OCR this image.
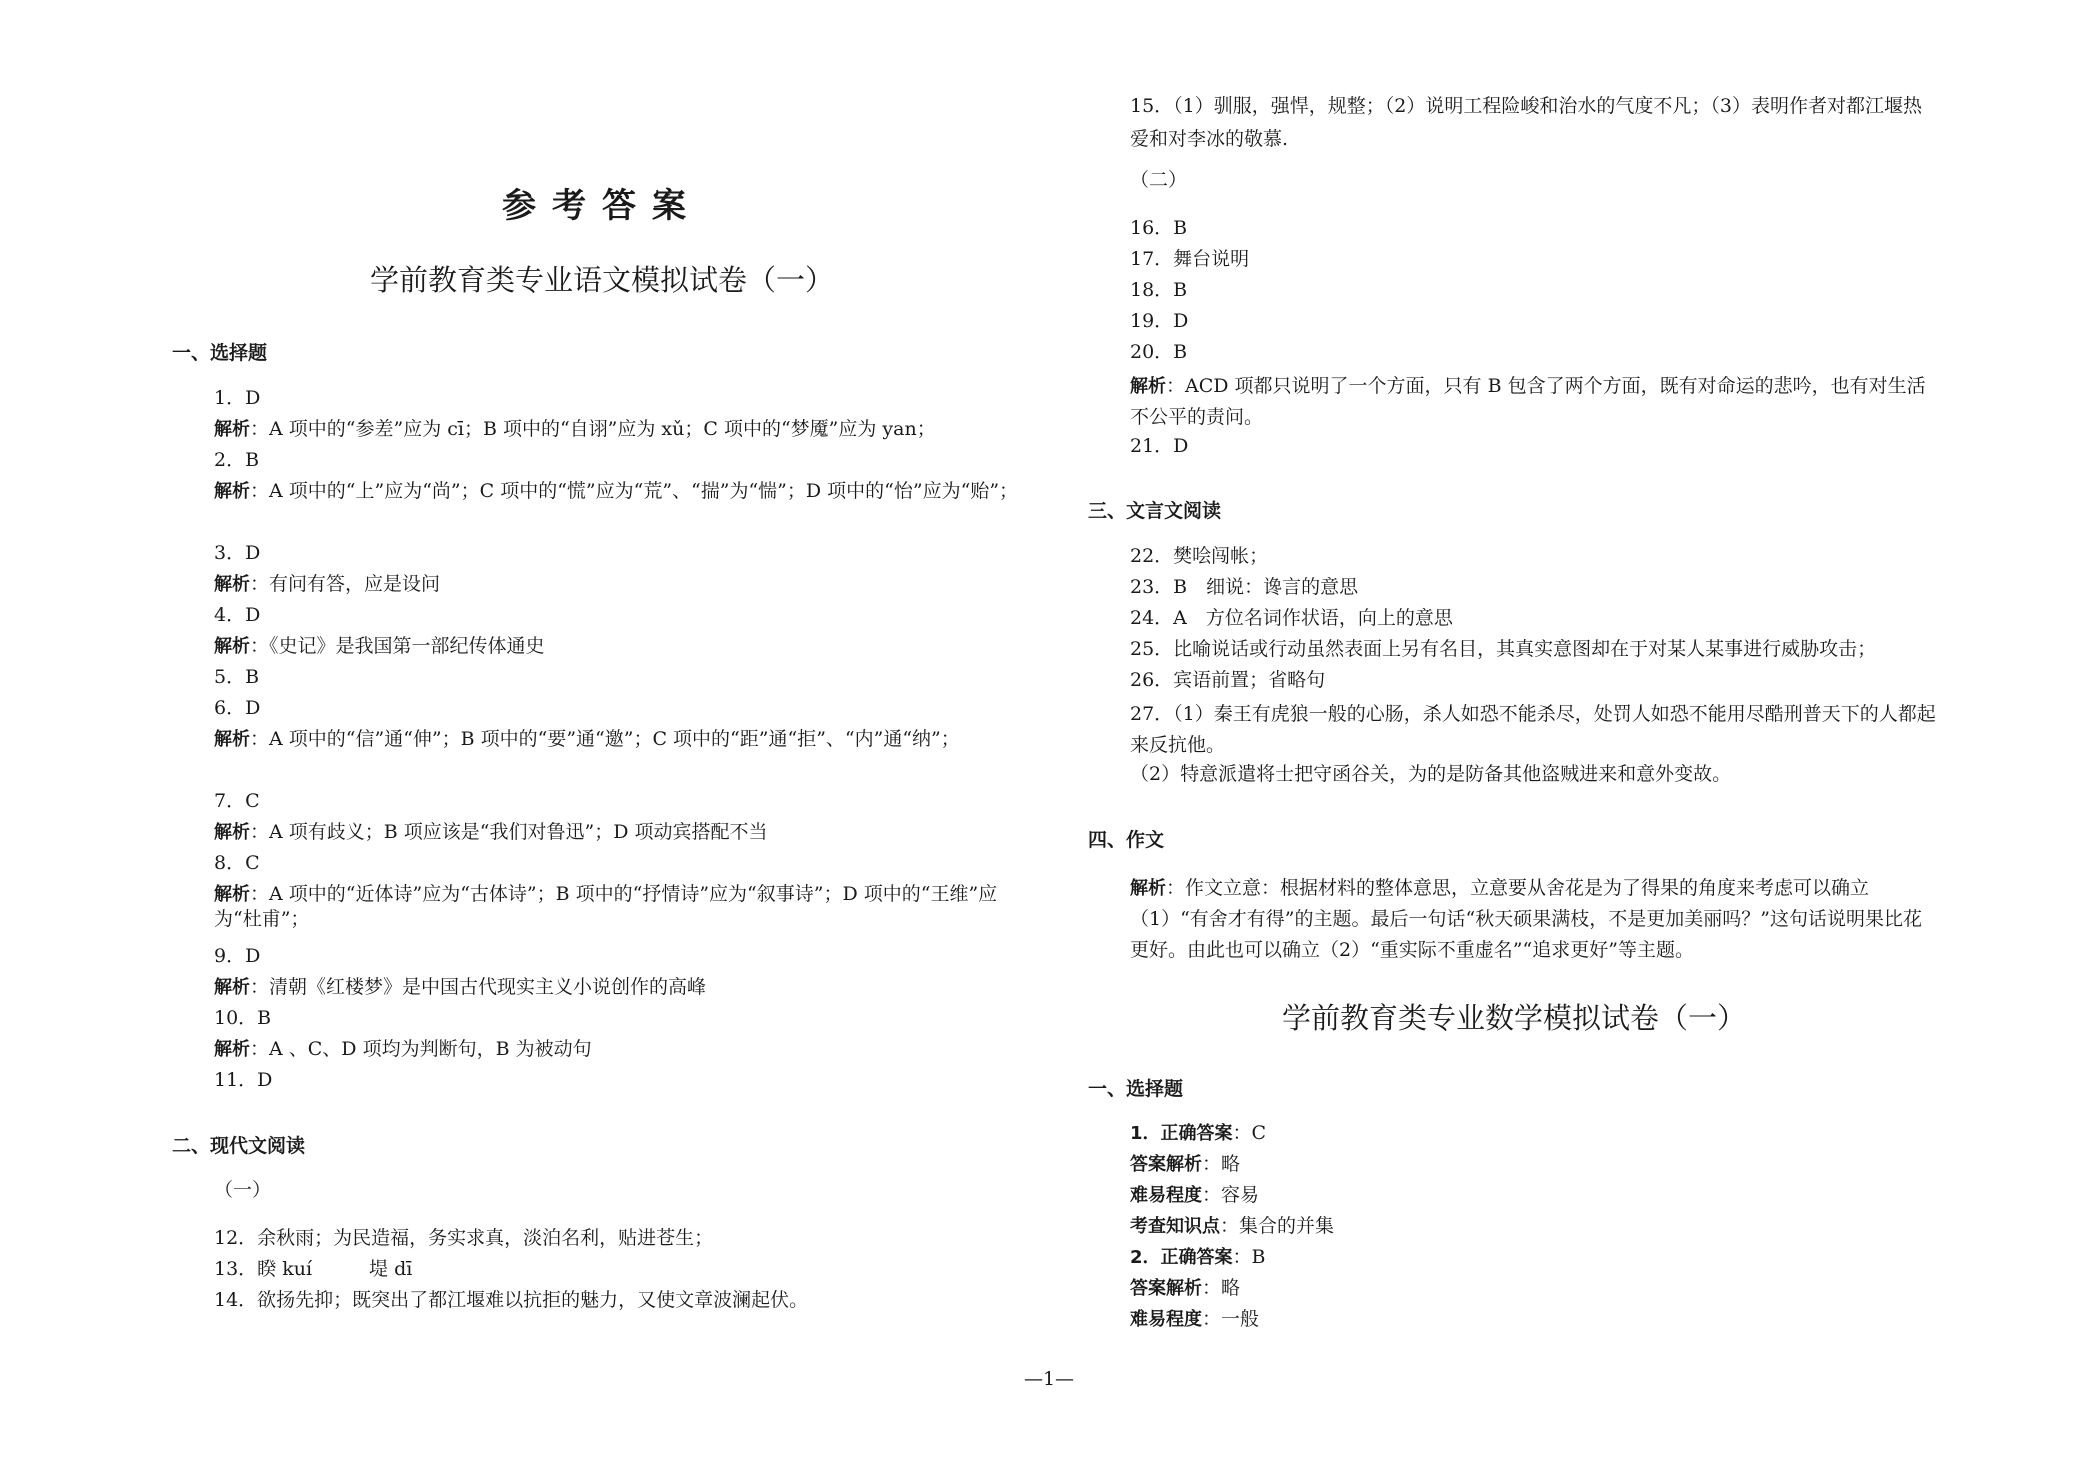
参考答案
学前教育类专业语文模拟试卷（一）
一、选择题
1．D
解析：A 项中的“参差”应为 cī；B 项中的“自诩”应为 xǔ；C 项中的“梦魇”应为 yan；
2．B
解析：A 项中的“上”应为“尚”；C 项中的“慌”应为“荒”、“揣”为“惴”；D 项中的“怡”应为“贻”；
3．D
解析：有问有答，应是设问
4．D
解析：《史记》是我国第一部纪传体通史
5．B
6．D
解析：A 项中的“信”通“伸”；B 项中的“要”通“邀”；C 项中的“距”通“拒”、“内”通“纳”；
7．C
解析：A 项有歧义；B 项应该是“我们对鲁迅”；D 项动宾搭配不当
8．C
解析：A 项中的“近体诗”应为“古体诗”；B 项中的“抒情诗”应为“叙事诗”；D 项中的“王维”应为“杜甫”；
9．D
解析：清朝《红楼梦》是中国古代现实主义小说创作的高峰
10．B
解析：A 、C、D 项均为判断句，B 为被动句
11．D
二、现代文阅读
（一）
12．余秋雨；为民造福，务实求真，淡泊名利，贴进苍生；
13．睽 kuí　　　堤 dī
14．欲扬先抑；既突出了都江堰难以抗拒的魅力，又使文章波澜起伏。
15．（1）驯服，强悍，规整；（2）说明工程险峻和治水的气度不凡；（3）表明作者对都江堰热爱和对李冰的敬慕.
（二）
16．B
17．舞台说明
18．B
19．D
20．B
解析：ACD 项都只说明了一个方面，只有 B 包含了两个方面，既有对命运的悲吟，也有对生活不公平的责问。
21．D
三、文言文阅读
22．樊哙闯帐；
23．B　细说：谗言的意思
24．A　方位名词作状语，向上的意思
25．比喻说话或行动虽然表面上另有名目，其真实意图却在于对某人某事进行威胁攻击；
26．宾语前置；省略句
27．（1）秦王有虎狼一般的心肠，杀人如恐不能杀尽，处罚人如恐不能用尽酷刑普天下的人都起来反抗他。
（2）特意派遣将士把守函谷关，为的是防备其他盗贼进来和意外变故。
四、作文
解析：作文立意：根据材料的整体意思，立意要从舍花是为了得果的角度来考虑可以确立（1）“有舍才有得”的主题。最后一句话“秋天硕果满枝，不是更加美丽吗？”这句话说明果比花更好。由此也可以确立（2）“重实际不重虚名”“追求更好”等主题。
学前教育类专业数学模拟试卷（一）
一、选择题
1．正确答案：C
答案解析：略
难易程度：容易
考查知识点：集合的并集
2．正确答案：B
答案解析：略
难易程度：一般
—1—
